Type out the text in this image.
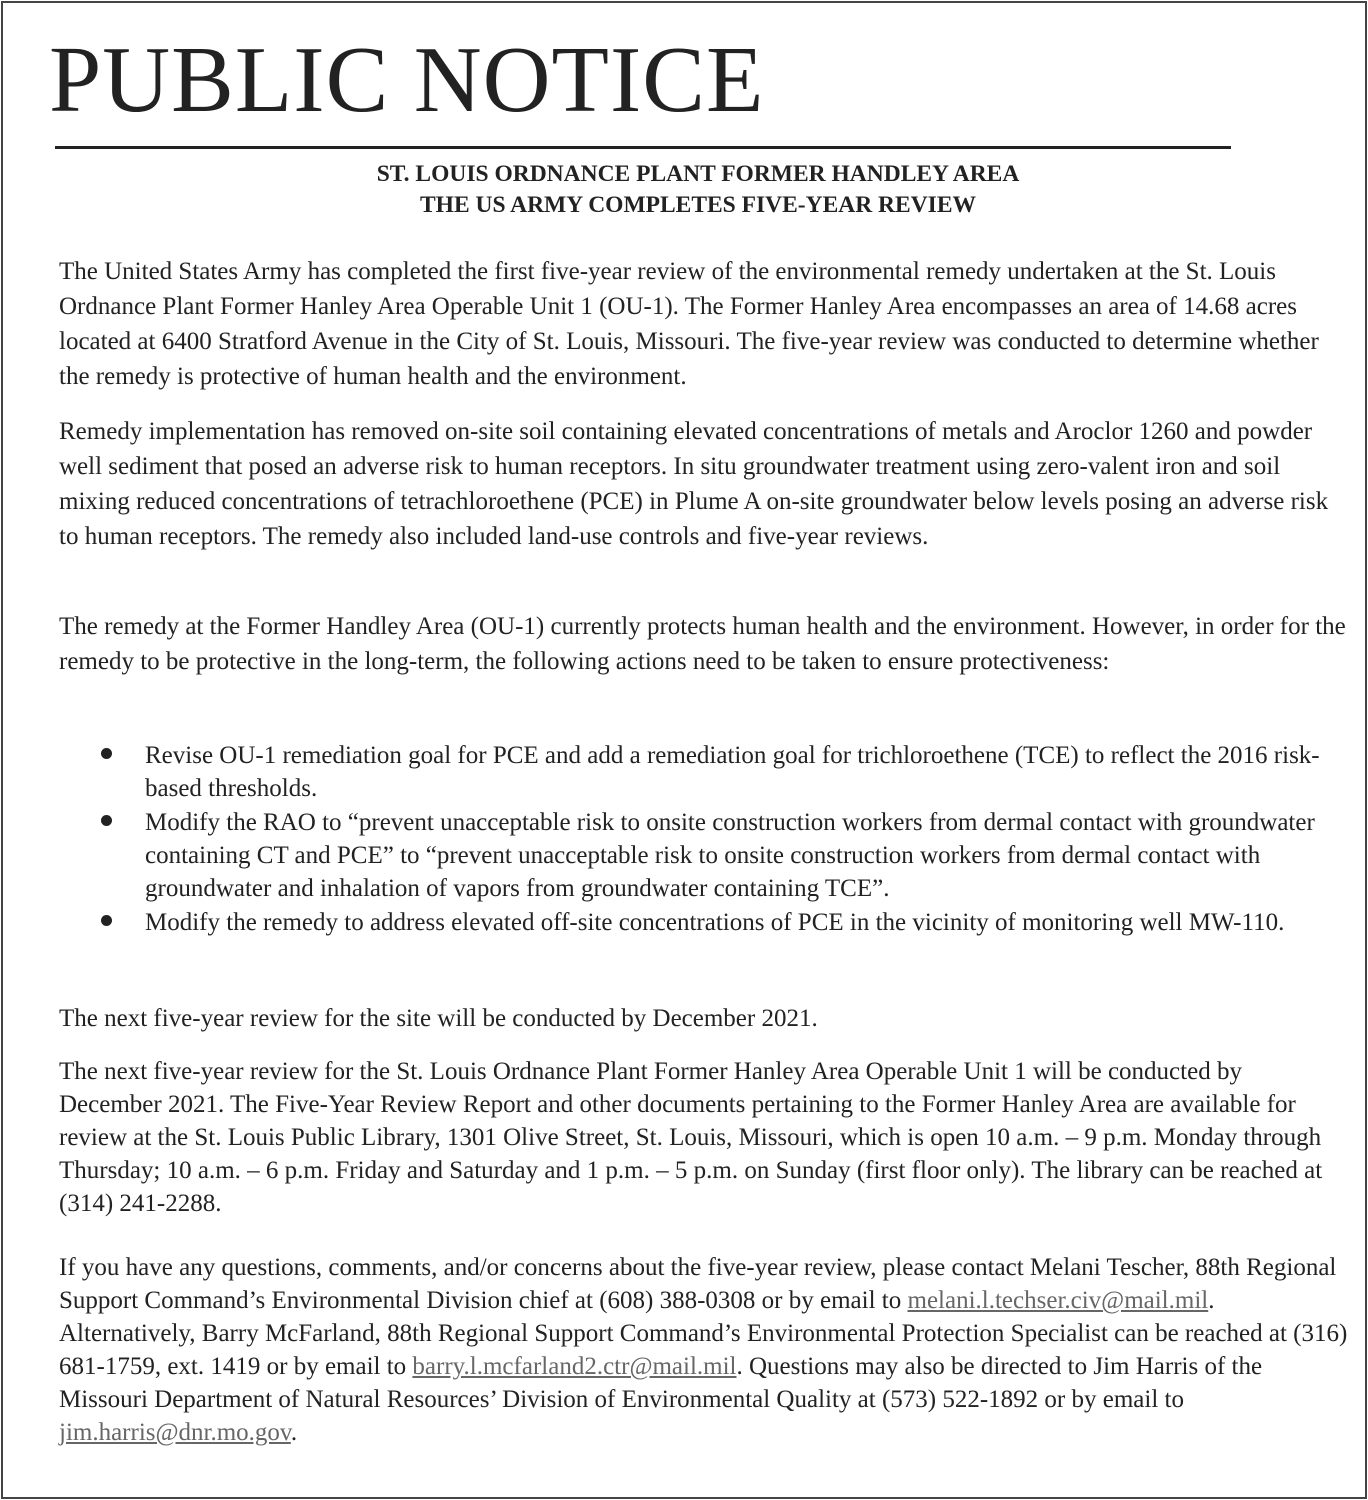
PUBLIC NOTICE
ST. LOUIS ORDNANCE PLANT FORMER HANDLEY AREA
THE US ARMY COMPLETES FIVE-YEAR REVIEW

The United States Army has completed the first five-year review of the environmental remedy undertaken at the St. Louis Ordnance Plant Former Hanley Area Operable Unit 1 (OU-1). The Former Hanley Area encompasses an area of 14.68 acres located at 6400 Stratford Avenue in the City of St. Louis, Missouri. The five-year review was conducted to determine whether the remedy is protective of human health and the environment.

Remedy implementation has removed on-site soil containing elevated concentrations of metals and Aroclor 1260 and powder well sediment that posed an adverse risk to human receptors. In situ groundwater treatment using zero-valent iron and soil mixing reduced concentrations of tetrachloroethene (PCE) in Plume A on-site groundwater below levels posing an adverse risk to human receptors. The remedy also included land-use controls and five-year reviews.

The remedy at the Former Handley Area (OU-1) currently protects human health and the environment. However, in order for the remedy to be protective in the long-term, the following actions need to be taken to ensure protectiveness:

Revise OU-1 remediation goal for PCE and add a remediation goal for trichloroethene (TCE) to reflect the 2016 risk-based thresholds.
Modify the RAO to “prevent unacceptable risk to onsite construction workers from dermal contact with groundwater containing CT and PCE” to “prevent unacceptable risk to onsite construction workers from dermal contact with groundwater and inhalation of vapors from groundwater containing TCE”.
Modify the remedy to address elevated off-site concentrations of PCE in the vicinity of monitoring well MW-110.

The next five-year review for the site will be conducted by December 2021.

The next five-year review for the St. Louis Ordnance Plant Former Hanley Area Operable Unit 1 will be conducted by December 2021. The Five-Year Review Report and other documents pertaining to the Former Hanley Area are available for review at the St. Louis Public Library, 1301 Olive Street, St. Louis, Missouri, which is open 10 a.m. – 9 p.m. Monday through Thursday; 10 a.m. – 6 p.m. Friday and Saturday and 1 p.m. – 5 p.m. on Sunday (first floor only). The library can be reached at (314) 241-2288.

If you have any questions, comments, and/or concerns about the five-year review, please contact Melani Tescher, 88th Regional Support Command’s Environmental Division chief at (608) 388-0308 or by email to melani.l.techser.civ@mail.mil. Alternatively, Barry McFarland, 88th Regional Support Command’s Environmental Protection Specialist can be reached at (316) 681-1759, ext. 1419 or by email to barry.l.mcfarland2.ctr@mail.mil. Questions may also be directed to Jim Harris of the Missouri Department of Natural Resources’ Division of Environmental Quality at (573) 522-1892 or by email to jim.harris@dnr.mo.gov.
